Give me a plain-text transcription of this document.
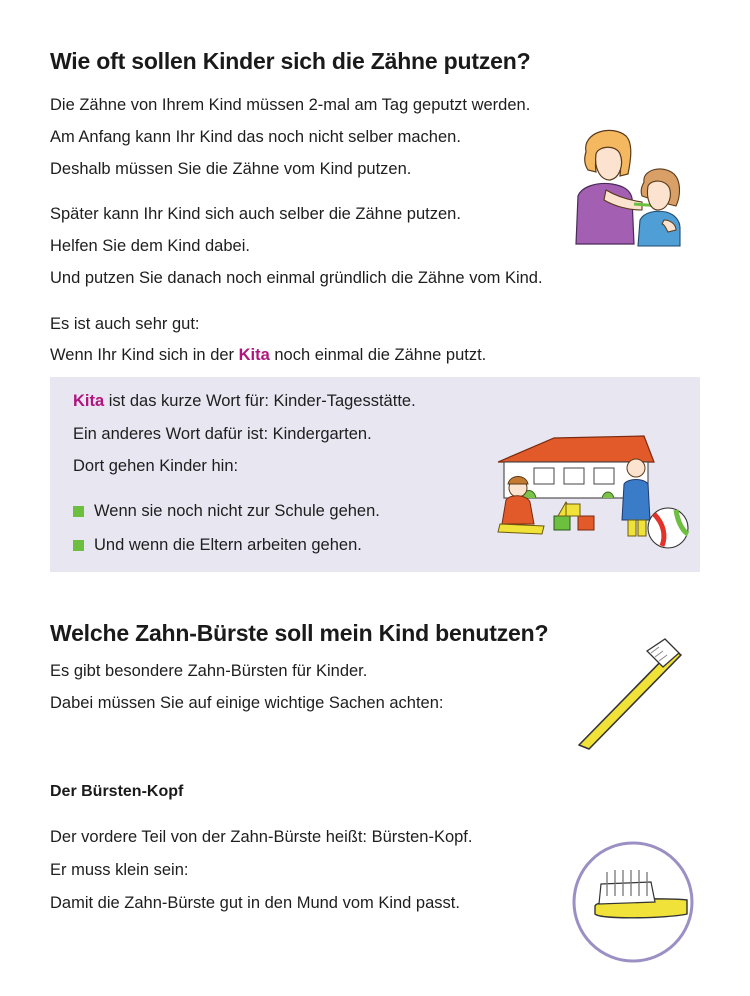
Wie oft sollen Kinder sich die Zähne putzen?

Die Zähne von Ihrem Kind müssen 2-mal am Tag geputzt werden.

Am Anfang kann Ihr Kind das noch nicht selber machen.

Deshalb müssen Sie die Zähne vom Kind putzen.

Später kann Ihr Kind sich auch selber die Zähne putzen.

Helfen Sie dem Kind dabei.

Und putzen Sie danach noch einmal gründlich die Zähne vom Kind.

Es ist auch sehr gut:

Wenn Ihr Kind sich in der Kita noch einmal die Zähne putzt.

Kita ist das kurze Wort für: Kinder-Tagesstätte.

Ein anderes Wort dafür ist: Kindergarten.

Dort gehen Kinder hin:

Wenn sie noch nicht zur Schule gehen.

Und wenn die Eltern arbeiten gehen.

Welche Zahn-Bürste soll mein Kind benutzen?

Es gibt besondere Zahn-Bürsten für Kinder.

Dabei müssen Sie auf einige wichtige Sachen achten:

Der Bürsten-Kopf

Der vordere Teil von der Zahn-Bürste heißt: Bürsten-Kopf.

Er muss klein sein:

Damit die Zahn-Bürste gut in den Mund vom Kind passt.
